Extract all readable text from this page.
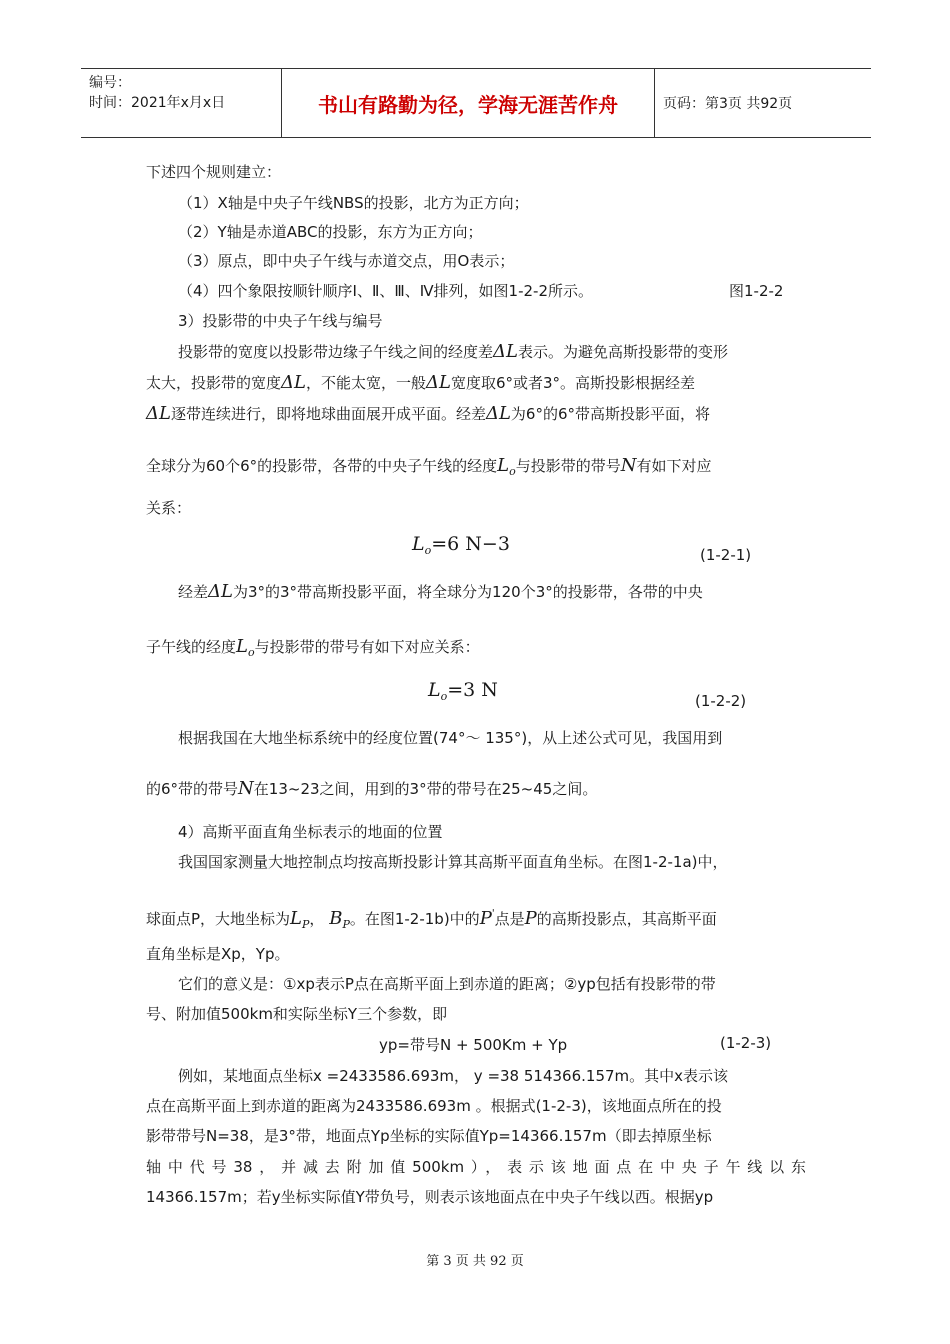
编号：
时间：2021年x月x日	书山有路勤为径，学海无涯苦作舟	页码：第3页 共92页
下述四个规则建立：
（1）X轴是中央子午线NBS的投影，北方为正方向；
（2）Y轴是赤道ABC的投影，东方为正方向；
（3）原点，即中央子午线与赤道交点，用O表示；
（4）四个象限按顺针顺序Ⅰ、Ⅱ、Ⅲ、Ⅳ排列，如图1-2-2所示。	图1-2-2
3）投影带的中央子午线与编号
投影带的宽度以投影带边缘子午线之间的经度差ΔL表示。为避免高斯投影带的变形
太大，投影带的宽度ΔL，不能太宽，一般ΔL宽度取6°或者3°。高斯投影根据经差
ΔL逐带连续进行，即将地球曲面展开成平面。经差ΔL为6°的6°带高斯投影平面，将
全球分为60个6°的投影带，各带的中央子午线的经度$L_o$与投影带的带号N有如下对应
关系：
$L_o=6$ N−3	(1-2-1)
经差ΔL为3°的3°带高斯投影平面，将全球分为120个3°的投影带，各带的中央
子午线的经度$L_o$与投影带的带号有如下对应关系：
$L_o=3$ N	(1-2-2)
根据我国在大地坐标系统中的经度位置(74°～ 135°)，从上述公式可见，我国用到
的6°带的带号N在13~23之间，用到的3°带的带号在25~45之间。
4）高斯平面直角坐标表示的地面的位置
我国国家测量大地控制点均按高斯投影计算其高斯平面直角坐标。在图1-2-1a)中，
球面点P，大地坐标为$L_P$， $B_P$。在图1-2-1b)中的P'点是P的高斯投影点，其高斯平面
直角坐标是Xp，Yp。
它们的意义是：①xp表示P点在高斯平面上到赤道的距离；②yp包括有投影带的带
号、附加值500km和实际坐标Y三个参数，即
yp=带号N + 500Km + Yp	(1-2-3)
例如，某地面点坐标x =2433586.693m， y =38 514366.157m。其中x表示该
点在高斯平面上到赤道的距离为2433586.693m 。根据式(1-2-3)，该地面点所在的投
影带带号N=38，是3°带，地面点Yp坐标的实际值Yp=14366.157m（即去掉原坐标
轴中代号38，并减去附加值500km），表示该地面点在中央子午线以东
14366.157m；若y坐标实际值Y带负号，则表示该地面点在中央子午线以西。根据yp
第 3 页 共 92 页
